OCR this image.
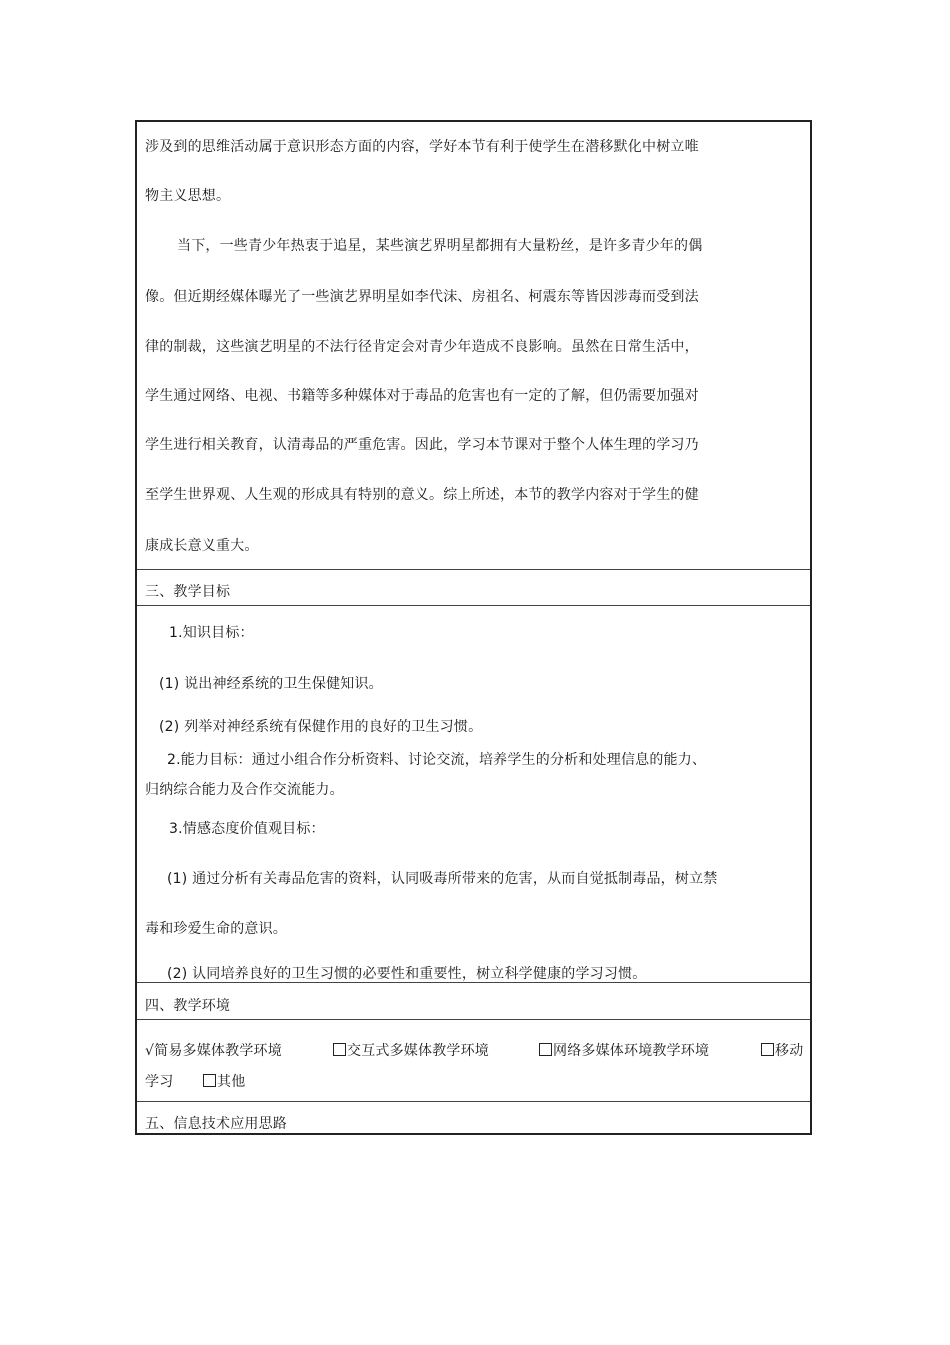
涉及到的思维活动属于意识形态方面的内容，学好本节有利于使学生在潜移默化中树立唯
物主义思想。
当下，一些青少年热衷于追星，某些演艺界明星都拥有大量粉丝，是许多青少年的偶
像。但近期经媒体曝光了一些演艺界明星如李代沫、房祖名、柯震东等皆因涉毒而受到法
律的制裁，这些演艺明星的不法行径肯定会对青少年造成不良影响。虽然在日常生活中，
学生通过网络、电视、书籍等多种媒体对于毒品的危害也有一定的了解，但仍需要加强对
学生进行相关教育，认清毒品的严重危害。因此，学习本节课对于整个人体生理的学习乃
至学生世界观、人生观的形成具有特别的意义。综上所述，本节的教学内容对于学生的健
康成长意义重大。
三、教学目标
1.知识目标：
(1) 说出神经系统的卫生保健知识。
(2) 列举对神经系统有保健作用的良好的卫生习惯。
2.能力目标：通过小组合作分析资料、讨论交流，培养学生的分析和处理信息的能力、
归纳综合能力及合作交流能力。
3.情感态度价值观目标：
(1) 通过分析有关毒品危害的资料，认同吸毒所带来的危害，从而自觉抵制毒品，树立禁
毒和珍爱生命的意识。
(2) 认同培养良好的卫生习惯的必要性和重要性，树立科学健康的学习习惯。
四、教学环境
√简易多媒体教学环境	交互式多媒体教学环境	网络多媒体环境教学环境	移动
学习	其他
五、信息技术应用思路
